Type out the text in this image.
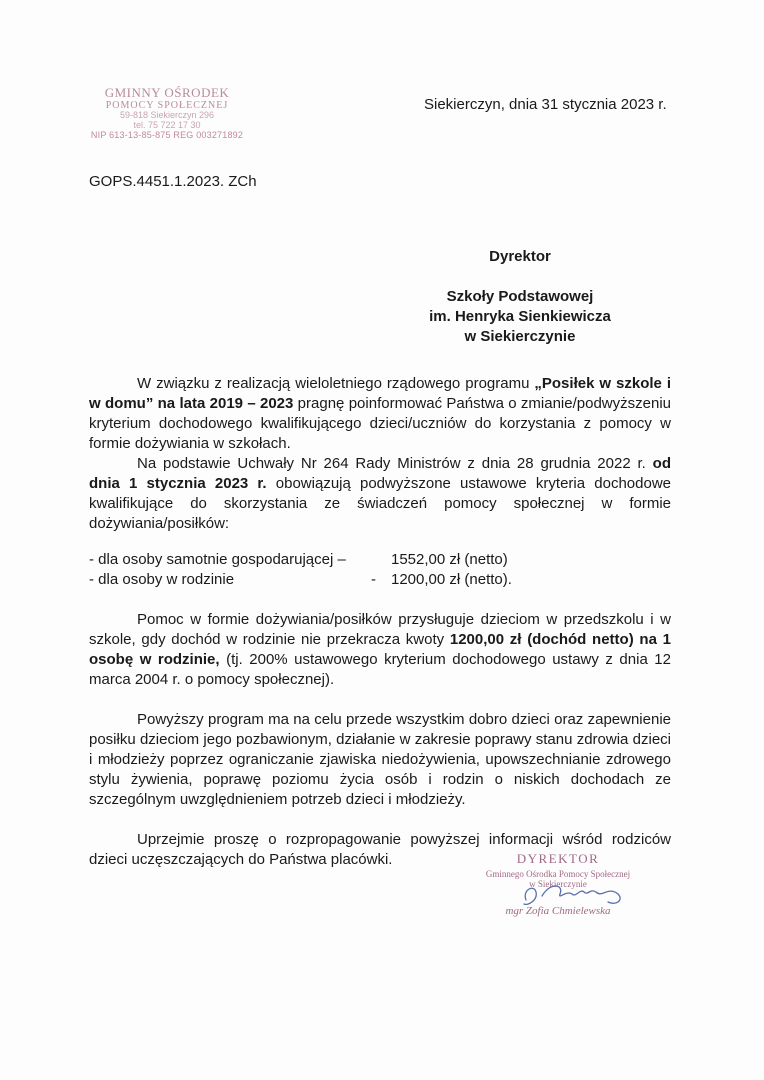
GMINNY OŚRODEK
POMOCY SPOŁECZNEJ
59-818 Siekierczyn 296
tel. 75 722 17 30
NIP 613-13-85-875 REG 003271892
Siekierczyn, dnia 31 stycznia 2023 r.
GOPS.4451.1.2023. ZCh
Dyrektor
Szkoły Podstawowej
im. Henryka Sienkiewicza
w Siekierczynie

W związku z realizacją wieloletniego rządowego programu „Posiłek w szkole i w domu” na lata 2019 – 2023 pragnę poinformować Państwa o zmianie/podwyższeniu kryterium dochodowego kwalifikującego dzieci/uczniów do korzystania z pomocy w formie dożywiania w szkołach.

Na podstawie Uchwały Nr 264 Rady Ministrów z dnia 28 grudnia 2022 r. od dnia 1 stycznia 2023 r. obowiązują podwyższone ustawowe kryteria dochodowe kwalifikujące do skorzystania ze świadczeń pomocy społecznej w formie dożywiania/posiłków:

- dla osoby samotnie gospodarującej –	1552,00 zł (netto)
- dla osoby w rodzinie	-	1200,00 zł (netto).

Pomoc w formie dożywiania/posiłków przysługuje dzieciom w przedszkolu i w szkole, gdy dochód w rodzinie nie przekracza kwoty 1200,00 zł (dochód netto) na 1 osobę w rodzinie, (tj. 200% ustawowego kryterium dochodowego ustawy z dnia 12 marca 2004 r. o pomocy społecznej).

Powyższy program ma na celu przede wszystkim dobro dzieci oraz zapewnienie posiłku dzieciom jego pozbawionym, działanie w zakresie poprawy stanu zdrowia dzieci i młodzieży poprzez ograniczanie zjawiska niedożywienia, upowszechnianie zdrowego stylu żywienia, poprawę poziomu życia osób i rodzin o niskich dochodach ze szczególnym uwzględnieniem potrzeb dzieci i młodzieży.

Uprzejmie proszę o rozpropagowanie powyższej informacji wśród rodziców dzieci uczęszczających do Państwa placówki.	DYREKTOR
Gminnego Ośrodka Pomocy Społecznej
w Siekierczynie
mgr Zofia Chmielewska
